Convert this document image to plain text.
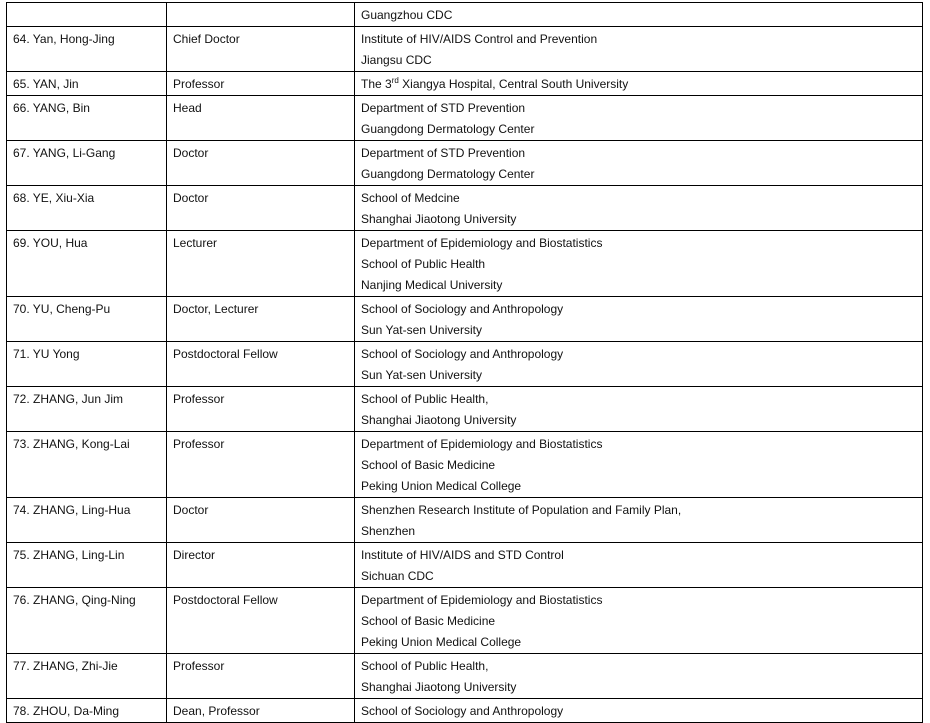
		Guangzhou CDC

64. Yan, Hong-Jing	Chief Doctor	Institute of HIV/AIDS Control and Prevention
Jiangsu CDC

65. YAN, Jin	Professor	The 3rd Xiangya Hospital, Central South University

66. YANG, Bin	Head	Department of STD Prevention
Guangdong Dermatology Center

67. YANG, Li-Gang	Doctor	Department of STD Prevention
Guangdong Dermatology Center

68. YE, Xiu-Xia	Doctor	School of Medcine
Shanghai Jiaotong University

69. YOU, Hua	Lecturer	Department of Epidemiology and Biostatistics
School of Public Health
Nanjing Medical University

70. YU, Cheng-Pu	Doctor, Lecturer	School of Sociology and Anthropology
Sun Yat-sen University

71. YU Yong	Postdoctoral Fellow	School of Sociology and Anthropology
Sun Yat-sen University

72. ZHANG, Jun Jim	Professor	School of Public Health,
Shanghai Jiaotong University

73. ZHANG, Kong-Lai	Professor	Department of Epidemiology and Biostatistics
School of Basic Medicine
Peking Union Medical College

74. ZHANG, Ling-Hua	Doctor	Shenzhen Research Institute of Population and Family Plan,
Shenzhen

75. ZHANG, Ling-Lin	Director	Institute of HIV/AIDS and STD Control
Sichuan CDC

76. ZHANG, Qing-Ning	Postdoctoral Fellow	Department of Epidemiology and Biostatistics
School of Basic Medicine
Peking Union Medical College

77. ZHANG, Zhi-Jie	Professor	School of Public Health,
Shanghai Jiaotong University

78. ZHOU, Da-Ming	Dean, Professor	School of Sociology and Anthropology
